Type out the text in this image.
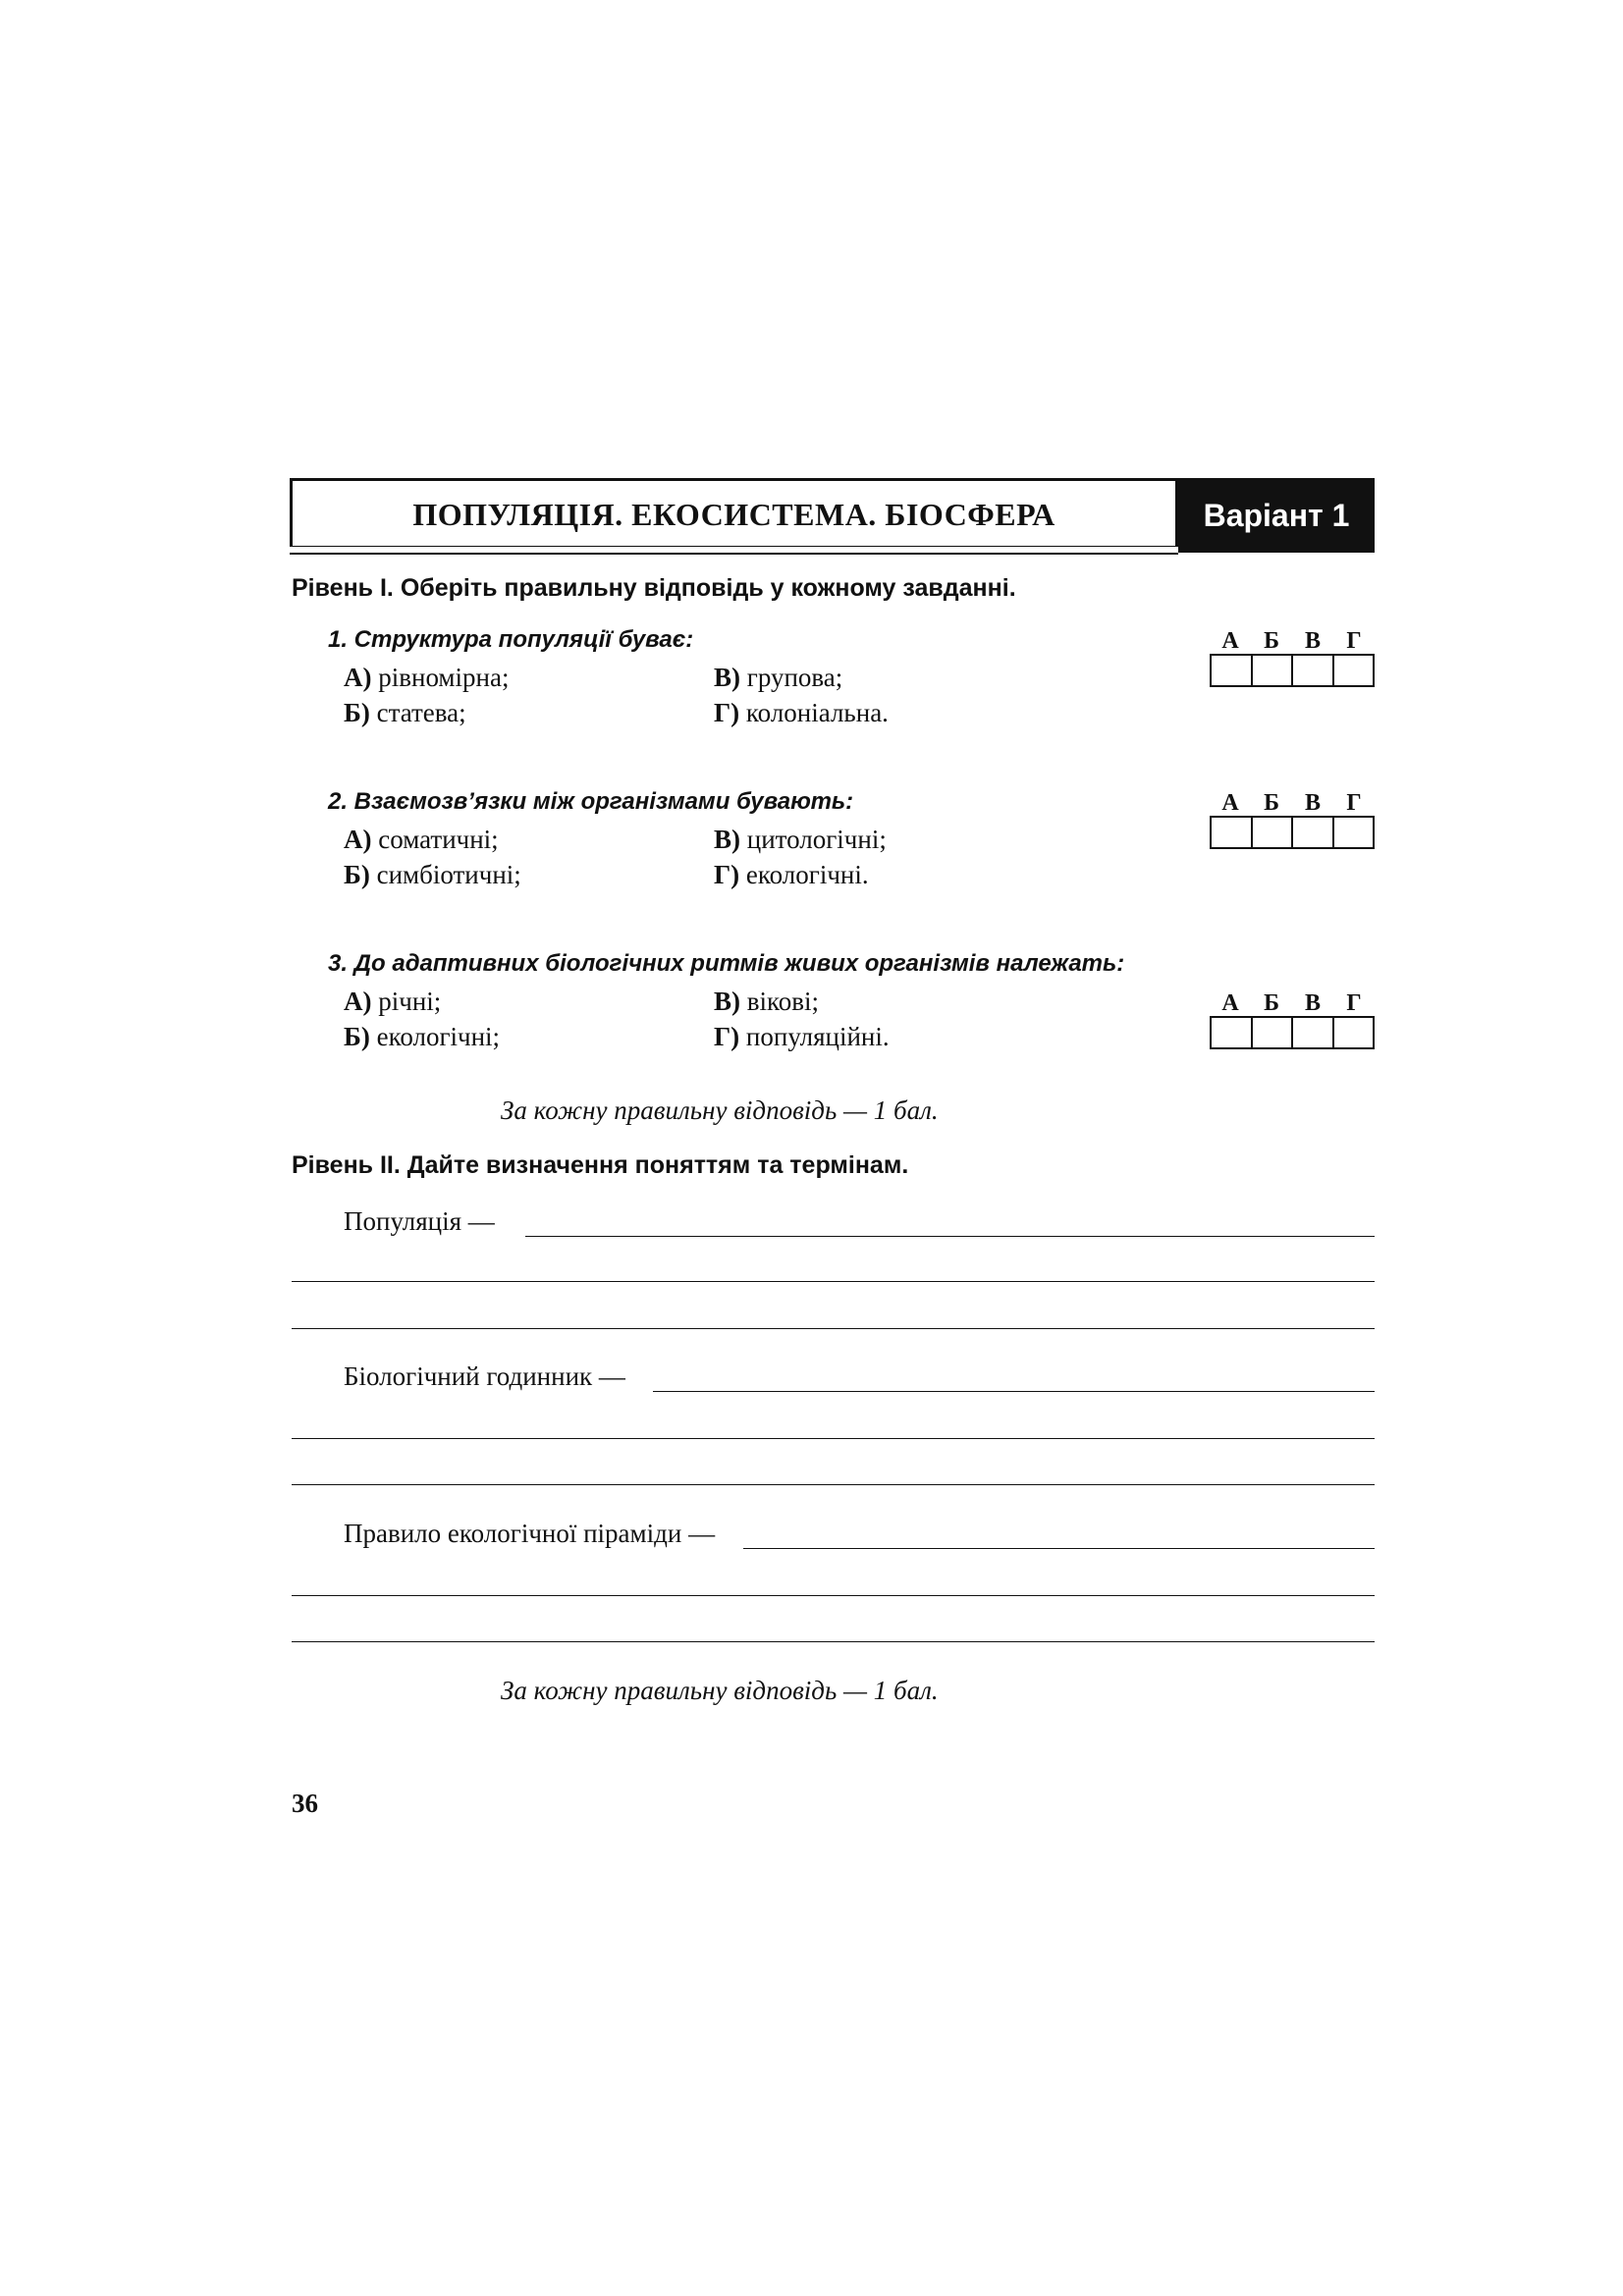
ПОПУЛЯЦІЯ. ЕКОСИСТЕМА. БІОСФЕРА	Варіант 1
Рівень І. Оберіть правильну відповідь у кожному завданні.
1. Структура популяції буває:
А) рівномірна;
Б) статева;
В) групова;
Г) колоніальна.
А	Б	В	Г
2. Взаємозв’язки між організмами бувають:
А) соматичні;
Б) симбіотичні;
В) цитологічні;
Г) екологічні.
А	Б	В	Г
3. До адаптивних біологічних ритмів живих організмів належать:
А) річні;
Б) екологічні;
В) вікові;
Г) популяційні.
А	Б	В	Г
За кожну правильну відповідь — 1 бал.
Рівень ІІ. Дайте визначення поняттям та термінам.
Популяція —
Біологічний годинник —
Правило екологічної піраміди —
За кожну правильну відповідь — 1 бал.
36
